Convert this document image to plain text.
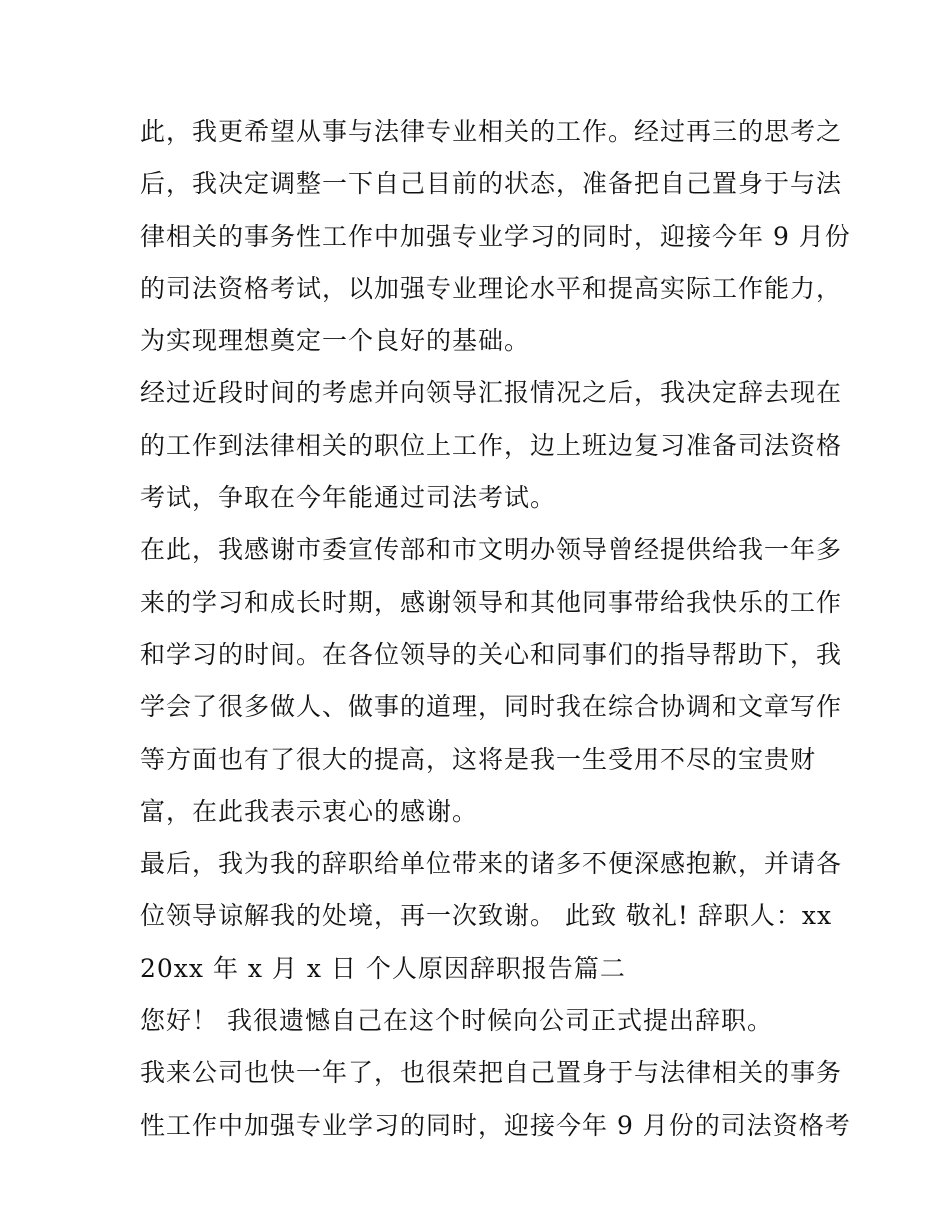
此，我更希望从事与法律专业相关的工作。经过再三的思考之
后，我决定调整一下自己目前的状态，准备把自己置身于与法
律相关的事务性工作中加强专业学习的同时，迎接今年 9 月份
的司法资格考试，以加强专业理论水平和提高实际工作能力，
为实现理想奠定一个良好的基础。
经过近段时间的考虑并向领导汇报情况之后，我决定辞去现在
的工作到法律相关的职位上工作，边上班边复习准备司法资格
考试，争取在今年能通过司法考试。
在此，我感谢市委宣传部和市文明办领导曾经提供给我一年多
来的学习和成长时期，感谢领导和其他同事带给我快乐的工作
和学习的时间。在各位领导的关心和同事们的指导帮助下，我
学会了很多做人、做事的道理，同时我在综合协调和文章写作
等方面也有了很大的提高，这将是我一生受用不尽的宝贵财
富，在此我表示衷心的感谢。
最后，我为我的辞职给单位带来的诸多不便深感抱歉，并请各
位领导谅解我的处境，再一次致谢。 此致 敬礼! 辞职人：xx
20xx 年 x 月 x 日 个人原因辞职报告篇二
您好！ 我很遗憾自己在这个时候向公司正式提出辞职。
我来公司也快一年了，也很荣把自己置身于与法律相关的事务
性工作中加强专业学习的同时，迎接今年 9 月份的司法资格考
